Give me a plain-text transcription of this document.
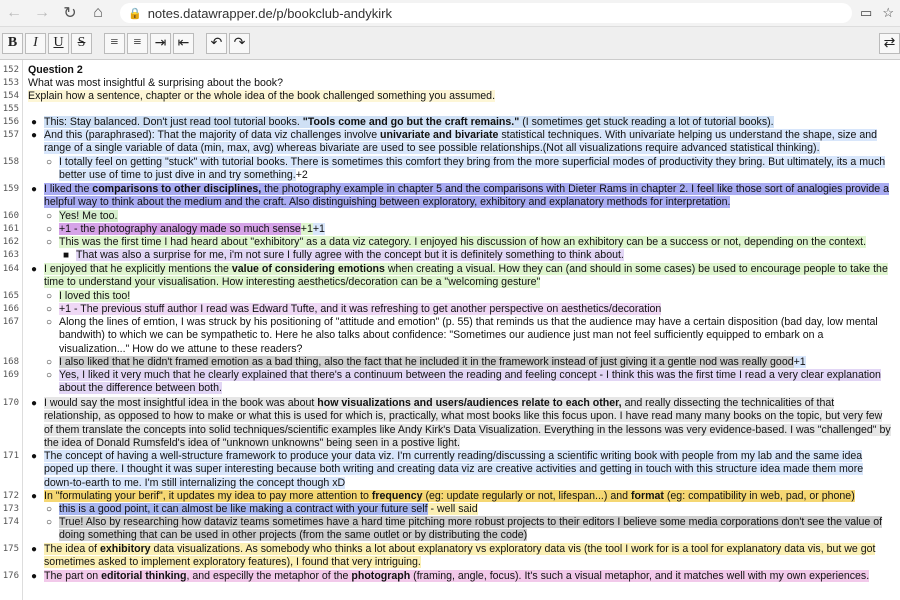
← → ↻	⌂	🔒 notes.datawrapper.de/p/bookclub-andykirk	▭ ☆
B	I	U	S	≡	≡ ⇥ ⇤	↶ ↷	⇄
152 Question 2
153 What was most insightful & surprising about the book?
154 Explain how a sentence, chapter or the whole idea of the book challenged something you assumed.
155
156 ● This: Stay balanced. Don't just read tool tutorial books. "Tools come and go but the craft remains." (I sometimes get stuck reading a lot of tutorial books).
157 ● And this (paraphrased): That the majority of data viz challenges involve univariate and bivariate statistical techniques. With univariate helping us understand the shape, size and range of a single variable of data (min, max, avg) whereas bivariate are used to see possible relationships.(Not all visualizations require advanced statistical thinking).
158	○ I totally feel on getting "stuck" with tutorial books. There is sometimes this comfort they bring from the more superficial modes of productivity they bring. But ultimately, its a much better use of time to just dive in and try something.+2
159 ● I liked the comparisons to other disciplines, the photography example in chapter 5 and the comparisons with Dieter Rams in chapter 2. I feel like those sort of analogies provide a helpful way to think about the medium and the craft. Also distinguishing between exploratory, exhibitory and explanatory methods for interpretation.
160	○ Yes! Me too.
161	○ +1 - the photography analogy made so much sense+1+1
162	○ This was the first time I had heard about "exhibitory" as a data viz category. I enjoyed his discussion of how an exhibitory can be a success or not, depending on the context.
163	■ That was also a surprise for me, i'm not sure I fully agree with the concept but it is definitely something to think about.
164 ● I enjoyed that he explicitly mentions the value of considering emotions when creating a visual. How they can (and should in some cases) be used to encourage people to take the time to understand your visualisation. How interesting aesthetics/decoration can be a "welcoming gesture"
165	○ I loved this too!
166	○ +1 - The previous stuff author I read was Edward Tufte, and it was refreshing to get another perspective on aesthetics/decoration
167	○ Along the lines of emtion, I was struck by his positioning of "attitude and emotion" (p. 55) that reminds us that the audience may have a certain disposition (bad day, low mental bandwith) to which we can be sympathetic to. Here he also talks about confidence: "Sometimes our audience just man not feel sufficiently equipped to embark on a visualization..." How do we attune to these readers?
168	○ I also liked that he didn't framed emotion as a bad thing, also the fact that he included it in the framework instead of just giving it a gentle nod was really good+1
169	○ Yes, I liked it very much that he clearly explained that there's a continuum between the reading and feeling concept - I think this was the first time I read a very clear explanation about the difference between both.
170 ● I would say the most insightful idea in the book was about how visualizations and users/audiences relate to each other, and really dissecting the technicalities of that relationship, as opposed to how to make or what this is used for which is, practically, what most books like this focus upon. I have read many many books on the topic, but very few of them translate the concepts into solid techniques/scientific examples like Andy Kirk's Data Visualization. Everything in the lessons was very evidence-based. I was "challenged" by the idea of Donald Rumsfeld's idea of "unknown unknowns" being seen in a postive light.
171 ● The concept of having a well-structure framework to produce your data viz. I'm currently reading/discussing a scientific writing book with people from my lab and the same idea poped up there. I thought it was super interesting because both writing and creating data viz are creative activities and getting in touch with this structure idea made them more down-to-earth to me. I'm still internalizing the concept though xD
172 ● In "formulating your berif", it updates my idea to pay more attention to frequency (eg: update regularly or not, lifespan...) and format (eg: compatibility in web, pad, or phone)
173	○ this is a good point, it can almost be like making a contract with your future self - well said
174	○ True! Also by researching how dataviz teams sometimes have a hard time pitching more robust projects to their editors I believe some media corporations don't see the value of doing something that can be used in other projects (from the same outlet or by distributing the code)
175 ● The idea of exhibitory data visualizations. As somebody who thinks a lot about explanatory vs exploratory data vis (the tool I work for is a tool for explanatory data vis, but we got sometimes asked to implement exploratory features), I found that very intriguing.
176 ● The part on editorial thinking, and especilly the metaphor of the photograph (framing, angle, focus). It's such a visual metaphor, and it matches well with my own experiences.
